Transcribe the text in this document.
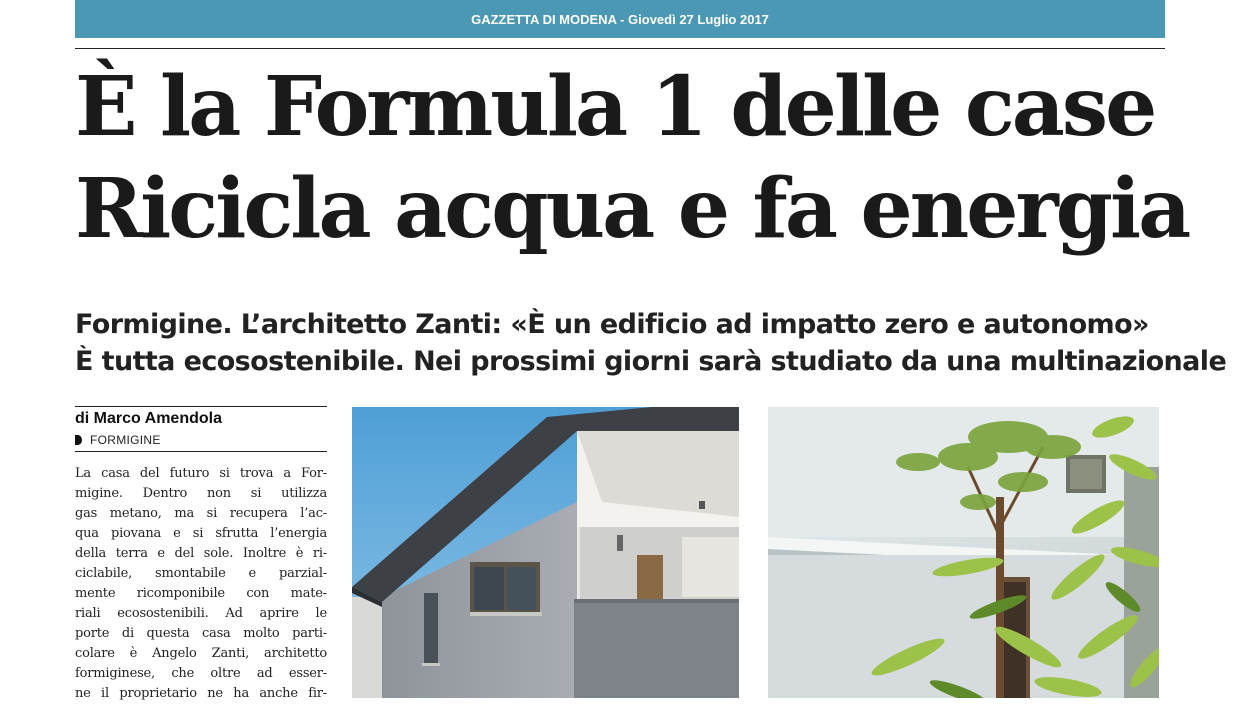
GAZZETTA DI MODENA - Giovedì 27 Luglio 2017
È la Formula 1 delle case
Ricicla acqua e fa energia
Formigine. L’architetto Zanti: «È un edificio ad impatto zero e autonomo»
È tutta ecosostenibile. Nei prossimi giorni sarà studiato da una multinazionale
di Marco Amendola
FORMIGINE
La casa del futuro si trova a For-
migine. Dentro non si utilizza
gas metano, ma si recupera l’ac-
qua piovana e si sfrutta l’energia
della terra e del sole. Inoltre è ri-
ciclabile, smontabile e parzial-
mente ricomponibile con mate-
riali ecosostenibili. Ad aprire le
porte di questa casa molto parti-
colare è Angelo Zanti, architetto
formiginese, che oltre ad esser-
ne il proprietario ne ha anche fir-
